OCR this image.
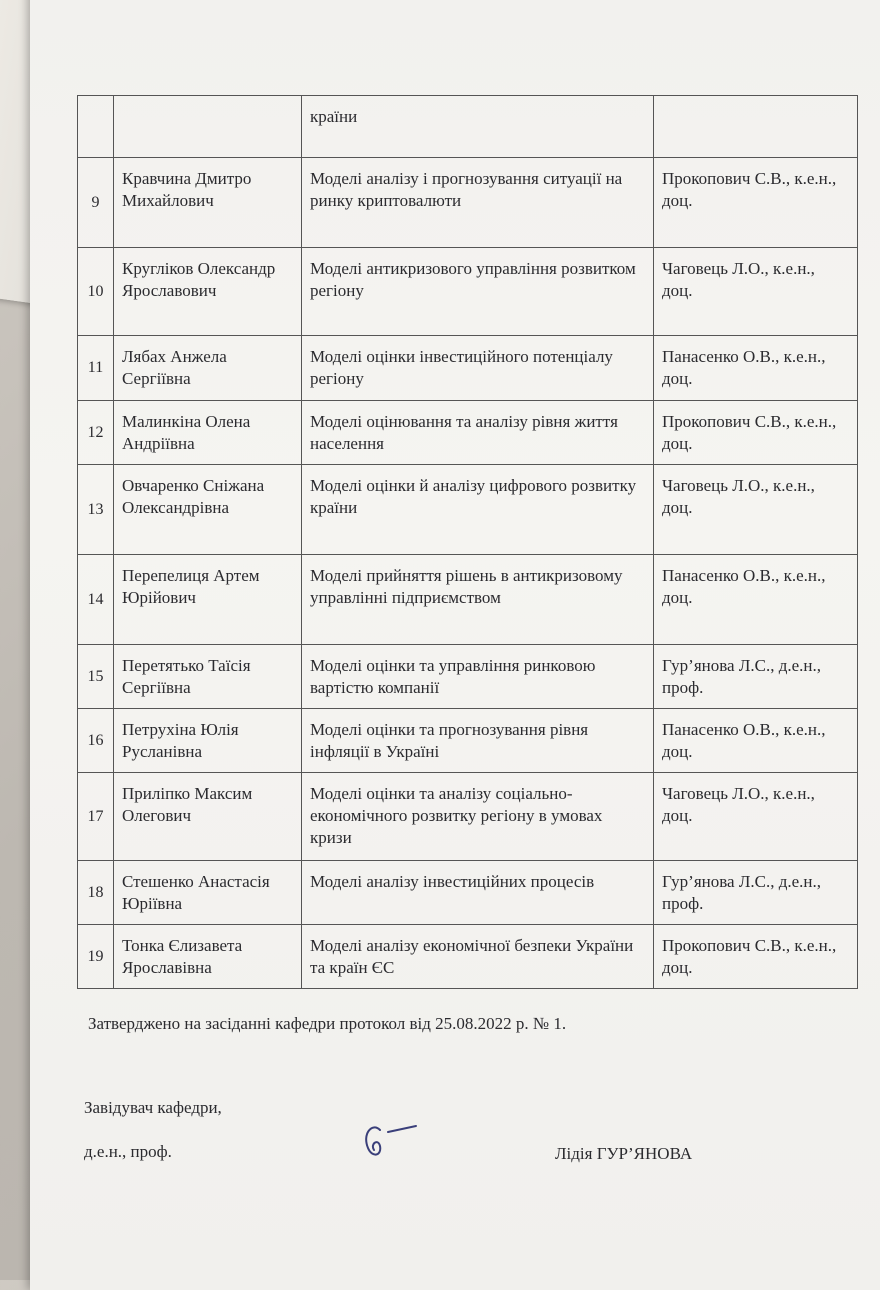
		країни	
9	Кравчина Дмитро Михайлович	Моделі аналізу і прогнозування ситуації на ринку криптовалюти	Прокопович С.В., к.е.н., доц.
10	Кругліков Олександр Ярославович	Моделі антикризового управління розвитком регіону	Чаговець Л.О., к.е.н., доц.
11	Лябах Анжела Сергіївна	Моделі оцінки інвестиційного потенціалу регіону	Панасенко О.В., к.е.н., доц.
12	Малинкіна Олена Андріївна	Моделі оцінювання та аналізу рівня життя населення	Прокопович С.В., к.е.н., доц.
13	Овчаренко Сніжана Олександрівна	Моделі оцінки й аналізу цифрового розвитку країни	Чаговець Л.О., к.е.н., доц.
14	Перепелиця Артем Юрійович	Моделі прийняття рішень в антикризовому управлінні підприємством	Панасенко О.В., к.е.н., доц.
15	Перетятько Таїсія Сергіївна	Моделі оцінки та управління ринковою вартістю компанії	Гур’янова Л.С., д.е.н., проф.
16	Петрухіна Юлія Русланівна	Моделі оцінки та прогнозування рівня інфляції в Україні	Панасенко О.В., к.е.н., доц.
17	Приліпко Максим Олегович	Моделі оцінки та аналізу соціально-економічного розвитку регіону в умовах кризи	Чаговець Л.О., к.е.н., доц.
18	Стешенко Анастасія Юріївна	Моделі аналізу інвестиційних процесів	Гур’янова Л.С., д.е.н., проф.
19	Тонка Єлизавета Ярославівна	Моделі аналізу економічної безпеки України та країн ЄС	Прокопович С.В., к.е.н., доц.
Затверджено на засіданні кафедри протокол від 25.08.2022 р. № 1.
Завідувач кафедри,
д.е.н., проф.	Лідія ГУР’ЯНОВА
